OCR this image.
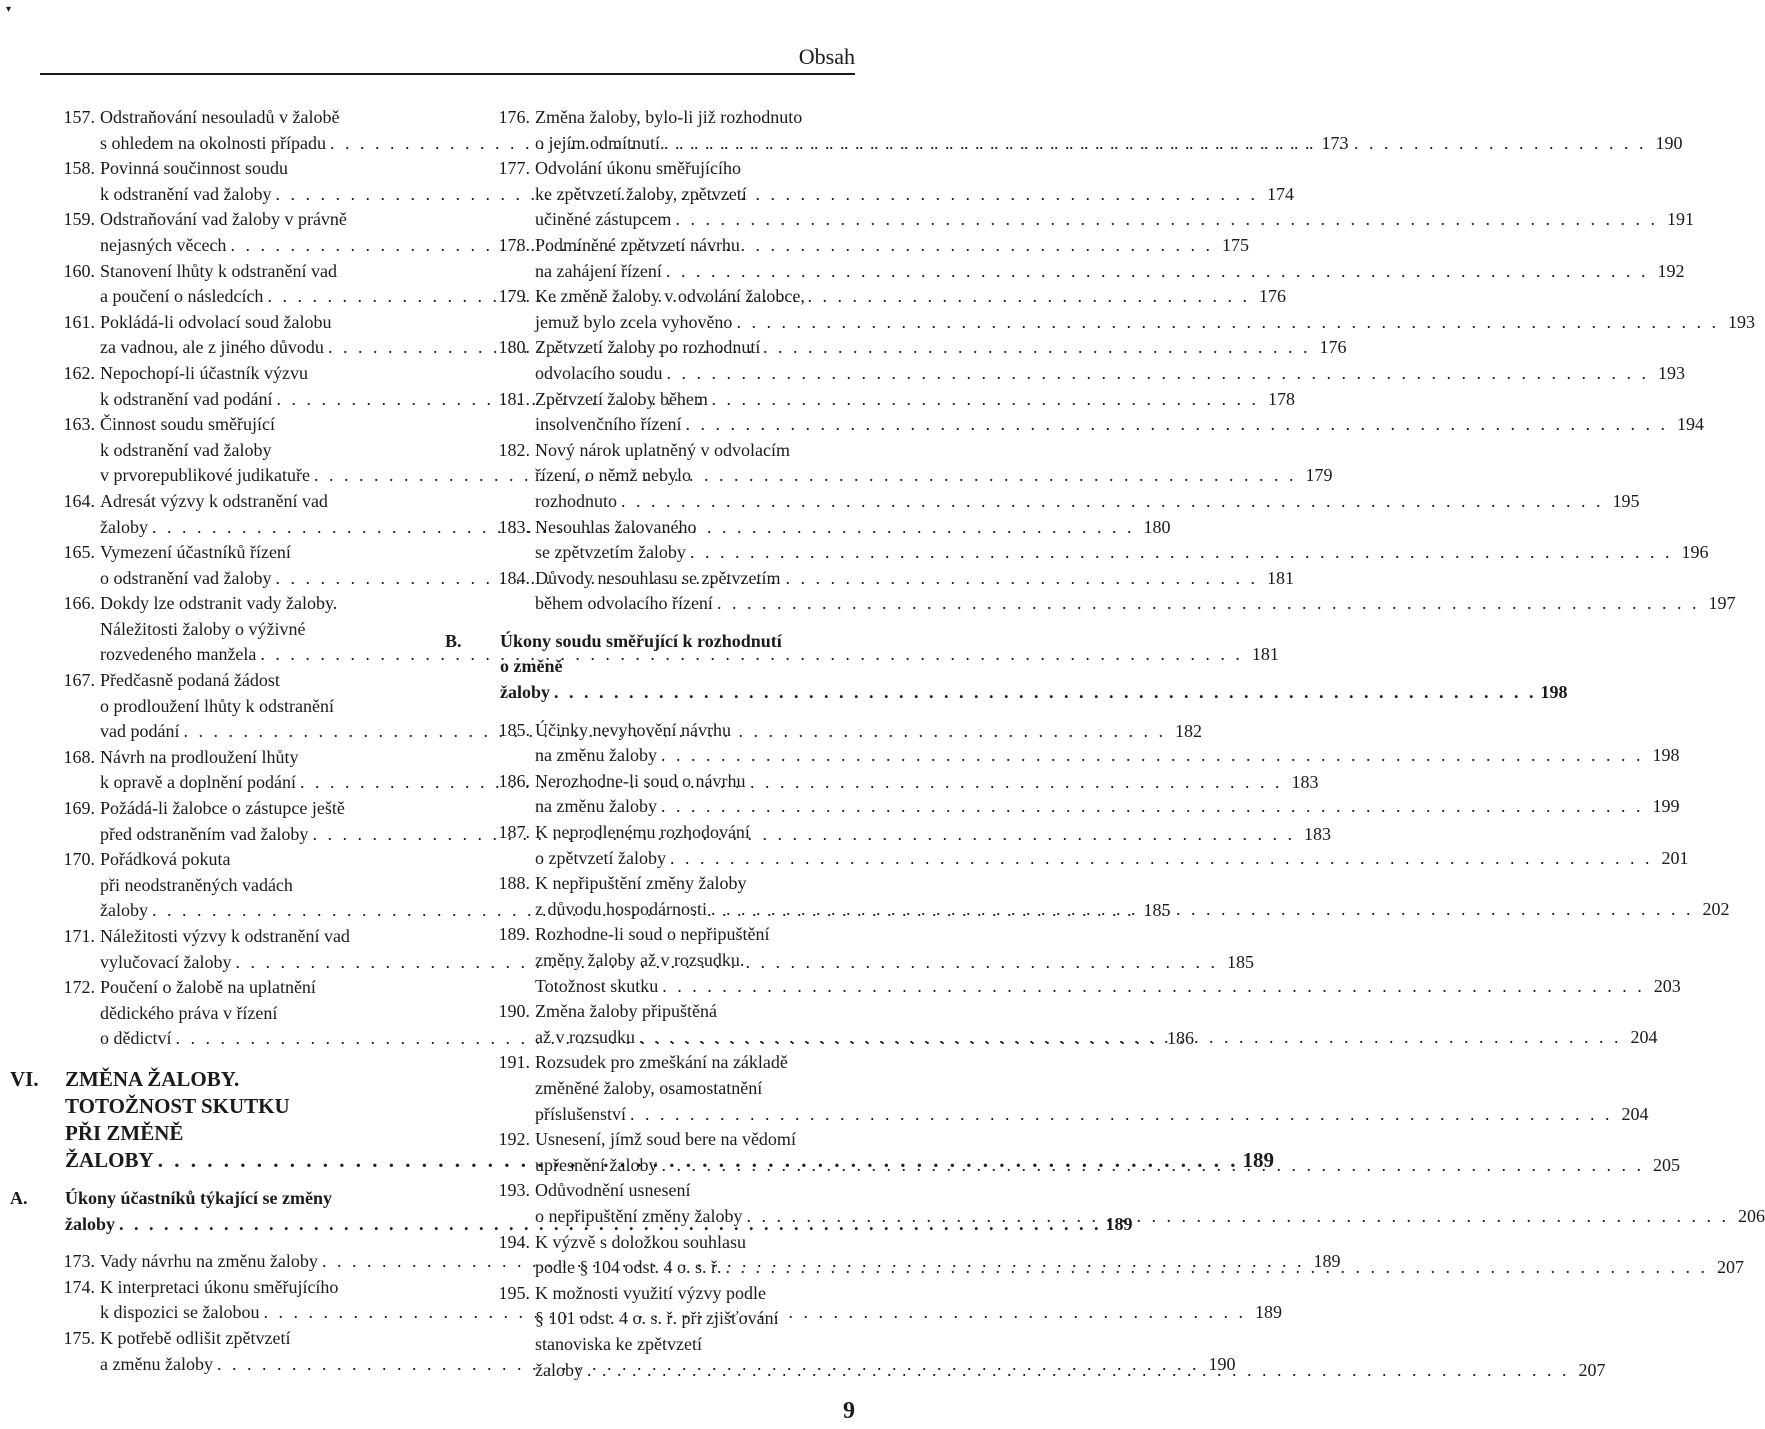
▾
Obsah
157. Odstraňování nesouladů v žalobě
s ohledem na okolnosti případu . . .	173
158. Povinná součinnost soudu
k odstranění vad žaloby . . .	174
159. Odstraňování vad žaloby v právně
nejasných věcech . . .	175
160. Stanovení lhůty k odstranění vad
a poučení o následcích . . .	176
161. Pokládá-li odvolací soud žalobu
za vadnou, ale z jiného důvodu . . .	176
162. Nepochopí-li účastník výzvu
k odstranění vad podání . . .	178
163. Činnost soudu směřující
k odstranění vad žaloby
v prvorepublikové judikatuře . . .	179
164. Adresát výzvy k odstranění vad
žaloby . . .	180
165. Vymezení účastníků řízení
o odstranění vad žaloby . . .	181
166. Dokdy lze odstranit vady žaloby.
Náležitosti žaloby o výživné
rozvedeného manžela . . .	181
167. Předčasně podaná žádost
o prodloužení lhůty k odstranění
vad podání . . .	182
168. Návrh na prodloužení lhůty
k opravě a doplnění podání . . .	183
169. Požádá-li žalobce o zástupce ještě
před odstraněním vad žaloby . . .	183
170. Pořádková pokuta
při neodstraněných vadách
žaloby . . .	185
171. Náležitosti výzvy k odstranění vad
vylučovací žaloby . . .	185
172. Poučení o žalobě na uplatnění
dědického práva v řízení
o dědictví . . .	186
VI.	ZMĚNA ŽALOBY.
TOTOŽNOST SKUTKU
PŘI ZMĚNĚ ŽALOBY . . .	189
A.	Úkony účastníků týkající se změny
žaloby . . .	189
173. Vady návrhu na změnu žaloby . . .	189
174. K interpretaci úkonu směřujícího
k dispozici se žalobou . . .	189
175. K potřebě odlišit zpětvzetí
a změnu žaloby . . .	190
176. Změna žaloby, bylo-li již rozhodnuto
o jejím odmítnutí . . .	190
177. Odvolání úkonu směřujícího
ke zpětvzetí žaloby, zpětvzetí
učiněné zástupcem . . .	191
178. Podmíněné zpětvzetí návrhu
na zahájení řízení . . .	192
179. Ke změně žaloby v odvolání žalobce,
jemuž bylo zcela vyhověno . . .	193
180. Zpětvzetí žaloby po rozhodnutí
odvolacího soudu . . .	193
181. Zpětvzetí žaloby během
insolvenčního řízení . . .	194
182. Nový nárok uplatněný v odvolacím
řízení, o němž nebylo
rozhodnuto . . .	195
183. Nesouhlas žalovaného
se zpětvzetím žaloby . . .	196
184. Důvody nesouhlasu se zpětvzetím
během odvolacího řízení . . .	197
B.	Úkony soudu směřující k rozhodnutí
o změně žaloby . . .	198
185. Účinky nevyhovění návrhu
na změnu žaloby . . .	198
186. Nerozhodne-li soud o návrhu
na změnu žaloby . . .	199
187. K neprodlenému rozhodování
o zpětvzetí žaloby . . .	201
188. K nepřipuštění změny žaloby
z důvodu hospodárnosti . . .	202
189. Rozhodne-li soud o nepřipuštění
změny žaloby až v rozsudku.
Totožnost skutku . . .	203
190. Změna žaloby připuštěná
až v rozsudku . . .	204
191. Rozsudek pro zmeškání na základě
změněné žaloby, osamostatnění
příslušenství . . .	204
192. Usnesení, jímž soud bere na vědomí
upřesnění žaloby . . .	205
193. Odůvodnění usnesení
o nepřipuštění změny žaloby . . .	206
194. K výzvě s doložkou souhlasu
podle § 104 odst. 4 o. s. ř. . . .	207
195. K možnosti využití výzvy podle
§ 101 odst. 4 o. s. ř. při zjišťování
stanoviska ke zpětvzetí
žaloby . . .	207
9
